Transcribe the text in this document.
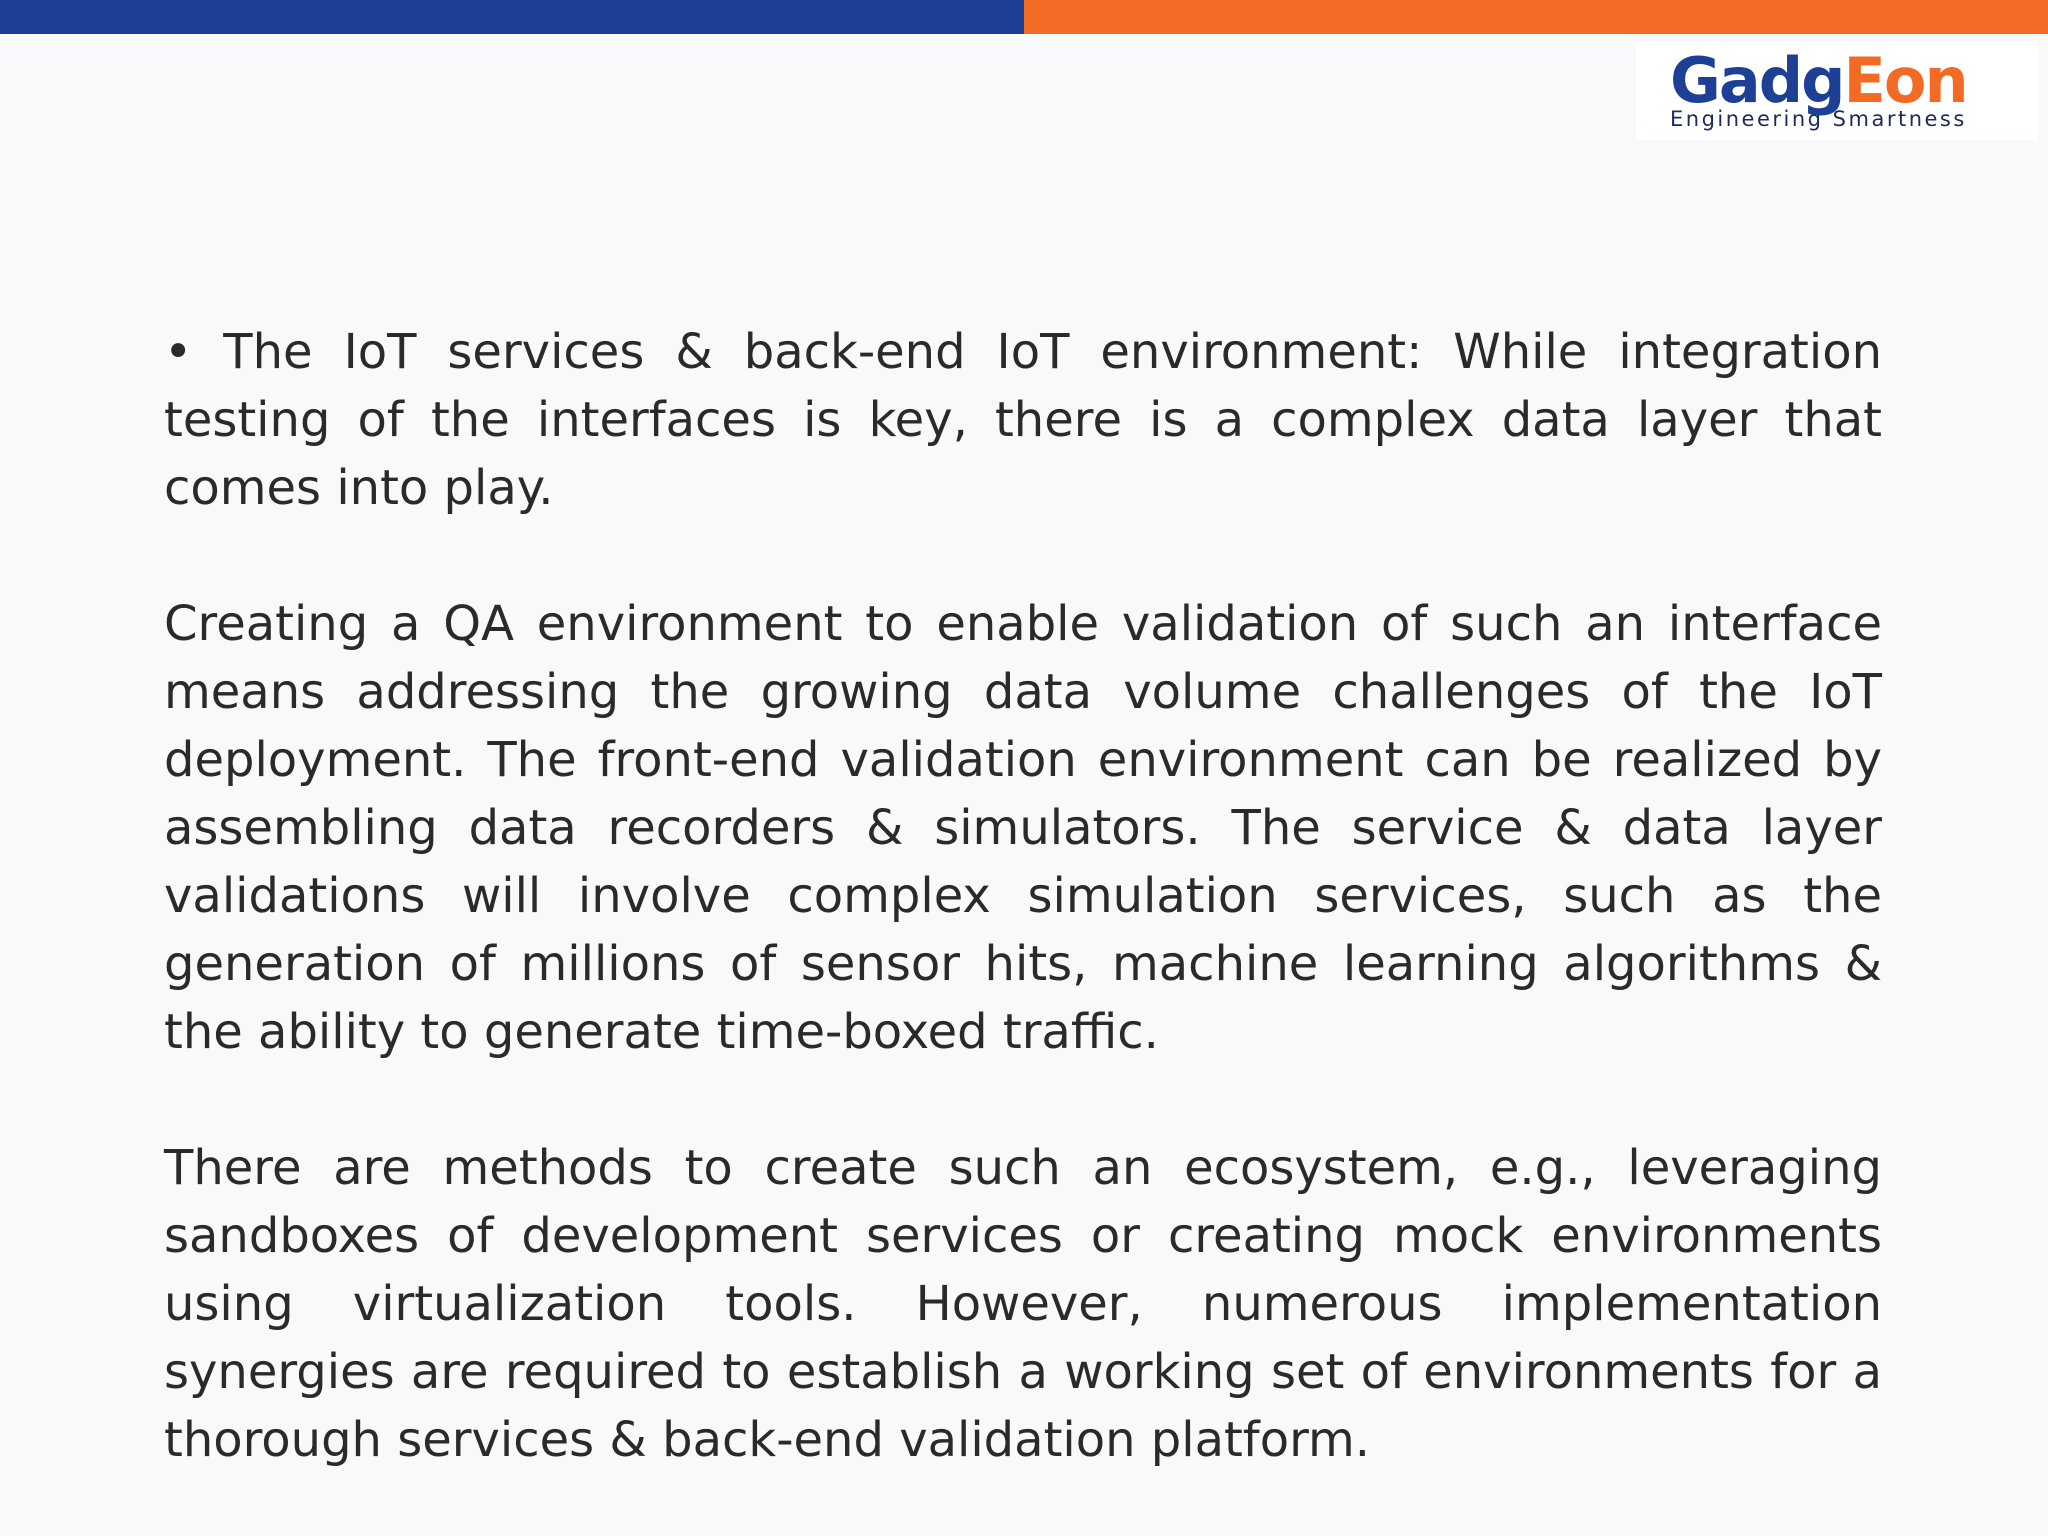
GadgEon
Engineering Smartness

• The IoT services & back-end IoT environment: While integration testing of the interfaces is key, there is a complex data layer that comes into play.

Creating a QA environment to enable validation of such an interface means addressing the growing data volume challenges of the IoT deployment. The front-end validation environment can be realized by assembling data recorders & simulators. The service & data layer validations will involve complex simulation services, such as the generation of millions of sensor hits, machine learning algorithms & the ability to generate time-boxed traffic.

There are methods to create such an ecosystem, e.g., leveraging sandboxes of development services or creating mock environments using virtualization tools. However, numerous implementation synergies are required to establish a working set of environments for a thorough services & back-end validation platform.
